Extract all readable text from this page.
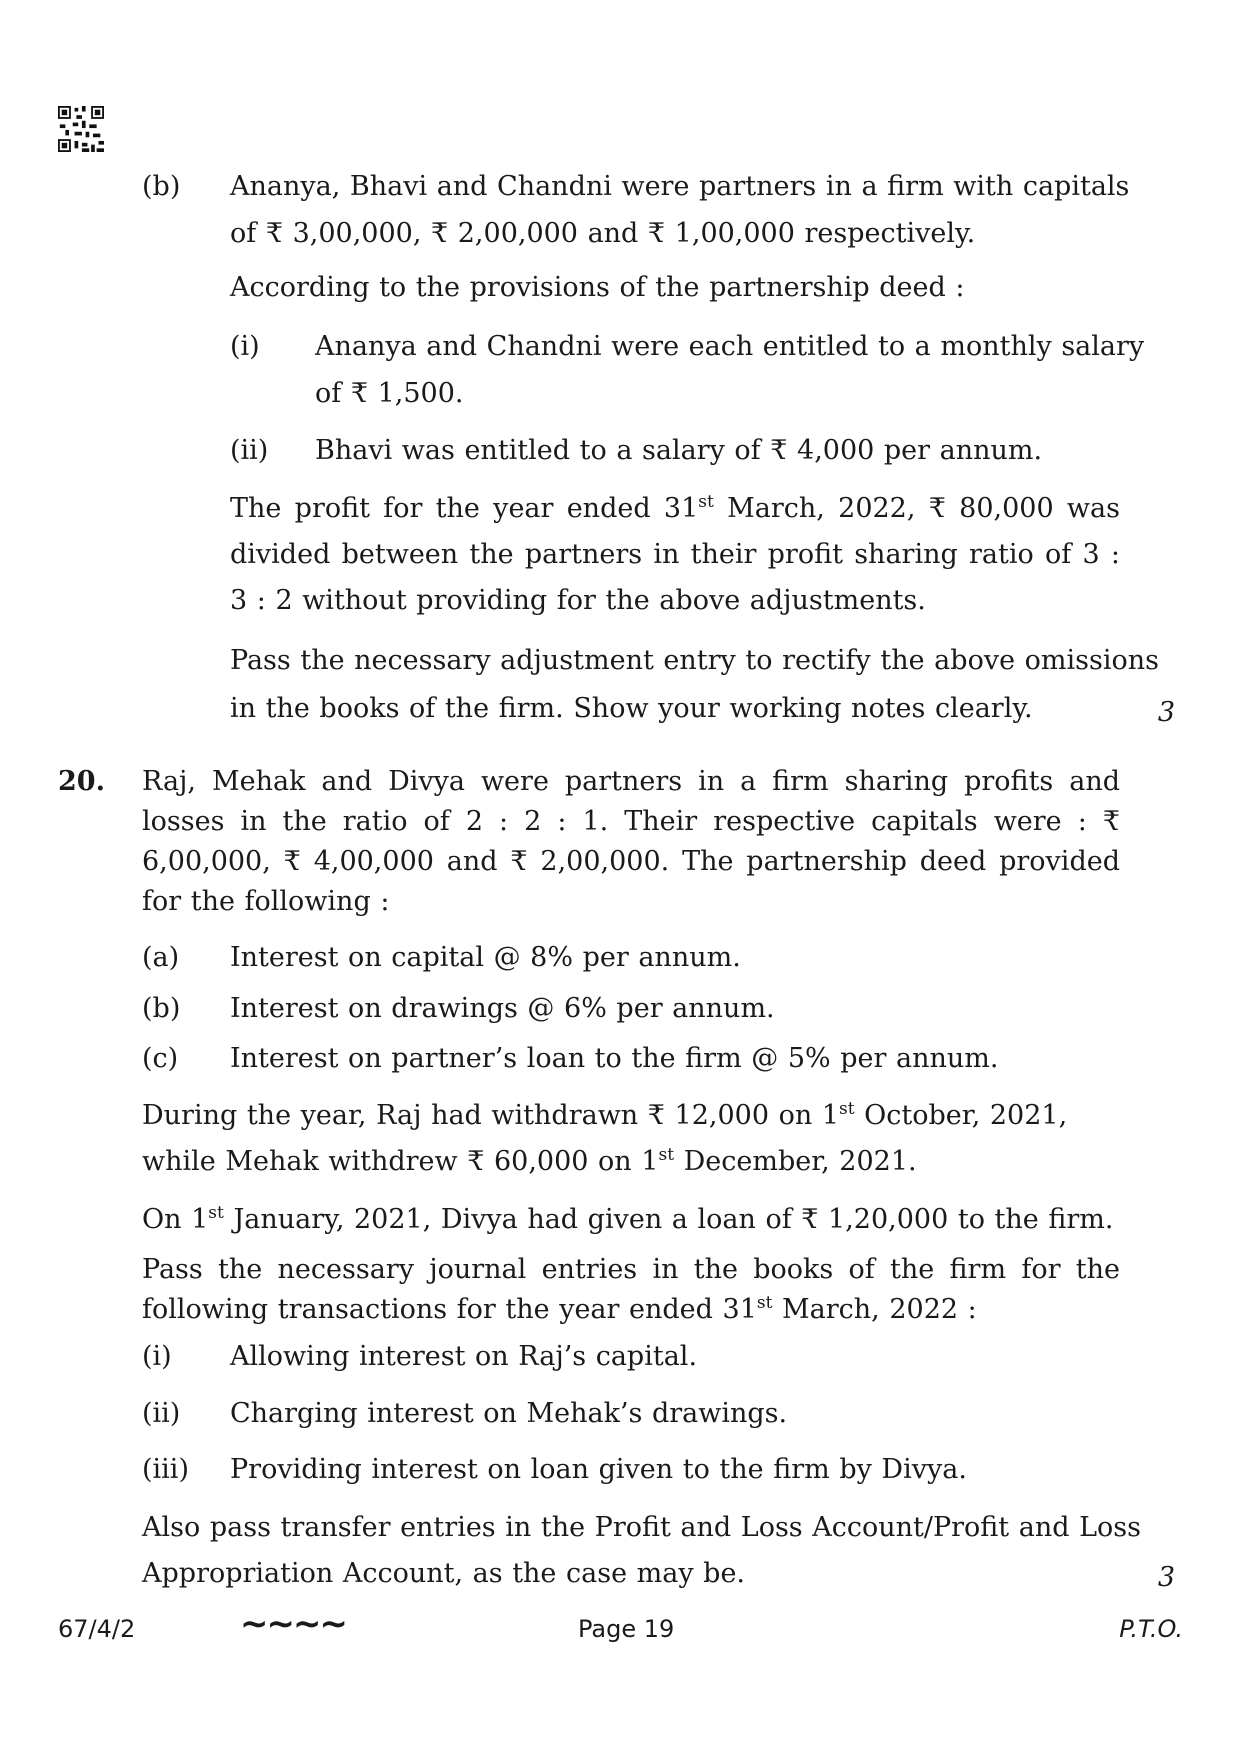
(b) Ananya, Bhavi and Chandni were partners in a firm with capitals
of ₹ 3,00,000, ₹ 2,00,000 and ₹ 1,00,000 respectively.
According to the provisions of the partnership deed :
(i) Ananya and Chandni were each entitled to a monthly salary
of ₹ 1,500.
(ii) Bhavi was entitled to a salary of ₹ 4,000 per annum.
The profit for the year ended 31st March, 2022, ₹ 80,000 was divided between the partners in their profit sharing ratio of 3 : 3 : 2 without providing for the above adjustments.
Pass the necessary adjustment entry to rectify the above omissions
in the books of the firm. Show your working notes clearly.	3
20. Raj, Mehak and Divya were partners in a firm sharing profits and losses in the ratio of 2 : 2 : 1. Their respective capitals were : ₹ 6,00,000, ₹ 4,00,000 and ₹ 2,00,000. The partnership deed provided for the following :
(a) Interest on capital @ 8% per annum.
(b) Interest on drawings @ 6% per annum.
(c) Interest on partner’s loan to the firm @ 5% per annum.
During the year, Raj had withdrawn ₹ 12,000 on 1st October, 2021, while Mehak withdrew ₹ 60,000 on 1st December, 2021.
On 1st January, 2021, Divya had given a loan of ₹ 1,20,000 to the firm.
Pass the necessary journal entries in the books of the firm for the following transactions for the year ended 31st March, 2022 :
(i) Allowing interest on Raj’s capital.
(ii) Charging interest on Mehak’s drawings.
(iii) Providing interest on loan given to the firm by Divya.
Also pass transfer entries in the Profit and Loss Account/Profit and Loss
Appropriation Account, as the case may be.	3
67/4/2	∼∼∼∼	Page 19	P.T.O.
